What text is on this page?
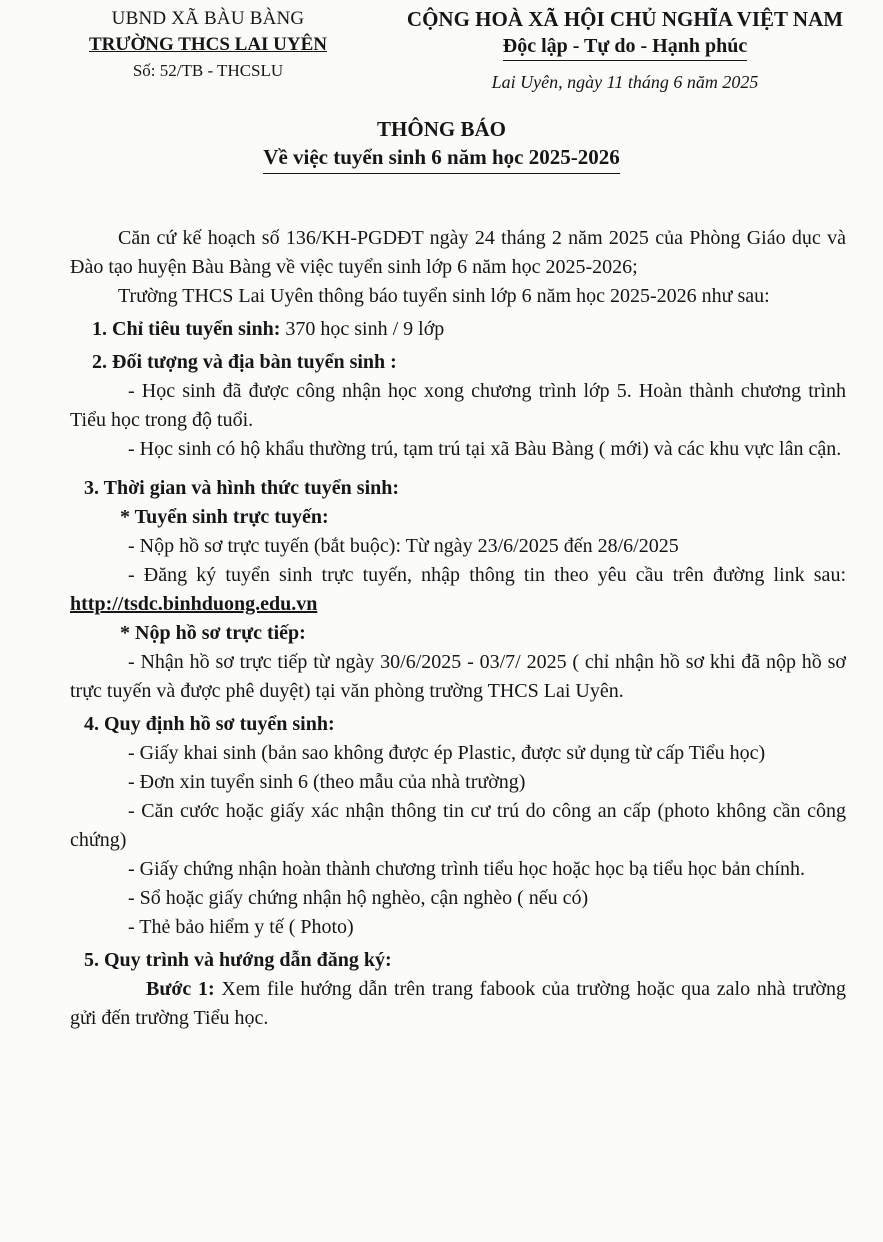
UBND XÃ BÀU BÀNG
TRƯỜNG THCS LAI UYÊN
Số: 52/TB - THCSLU
CỘNG HOÀ XÃ HỘI CHỦ NGHĨA VIỆT NAM
Độc lập - Tự do - Hạnh phúc
Lai Uyên, ngày 11 tháng 6 năm 2025
THÔNG BÁO
Về việc tuyển sinh 6 năm học 2025-2026

Căn cứ kế hoạch số 136/KH-PGDĐT ngày 24 tháng 2 năm 2025 của Phòng Giáo dục và Đào tạo huyện Bàu Bàng về việc tuyển sinh lớp 6 năm học 2025-2026;

Trường THCS Lai Uyên thông báo tuyển sinh lớp 6 năm học 2025-2026 như sau:

1. Chỉ tiêu tuyển sinh: 370 học sinh / 9 lớp

2. Đối tượng và địa bàn tuyển sinh :

- Học sinh đã được công nhận học xong chương trình lớp 5. Hoàn thành chương trình Tiểu học trong độ tuổi.

- Học sinh có hộ khẩu thường trú, tạm trú tại xã Bàu Bàng ( mới) và các khu vực lân cận.

3. Thời gian và hình thức tuyển sinh:

* Tuyển sinh trực tuyến:

- Nộp hồ sơ trực tuyến (bắt buộc): Từ ngày 23/6/2025 đến 28/6/2025

- Đăng ký tuyển sinh trực tuyến, nhập thông tin theo yêu cầu trên đường link sau: http://tsdc.binhduong.edu.vn

* Nộp hồ sơ trực tiếp:

- Nhận hồ sơ trực tiếp từ ngày 30/6/2025 - 03/7/ 2025 ( chỉ nhận hồ sơ khi đã nộp hồ sơ trực tuyến và được phê duyệt) tại văn phòng trường THCS Lai Uyên.

4. Quy định hồ sơ tuyển sinh:

- Giấy khai sinh (bản sao không được ép Plastic, được sử dụng từ cấp Tiểu học)

- Đơn xin tuyển sinh 6 (theo mẫu của nhà trường)

- Căn cước hoặc giấy xác nhận thông tin cư trú do công an cấp (photo không cần công chứng)

- Giấy chứng nhận hoàn thành chương trình tiểu học hoặc học bạ tiểu học bản chính.

- Sổ hoặc giấy chứng nhận hộ nghèo, cận nghèo ( nếu có)

- Thẻ bảo hiểm y tế ( Photo)

5. Quy trình và hướng dẫn đăng ký:

Bước 1: Xem file hướng dẫn trên trang fabook của trường hoặc qua zalo nhà trường gửi đến trường Tiểu học.
